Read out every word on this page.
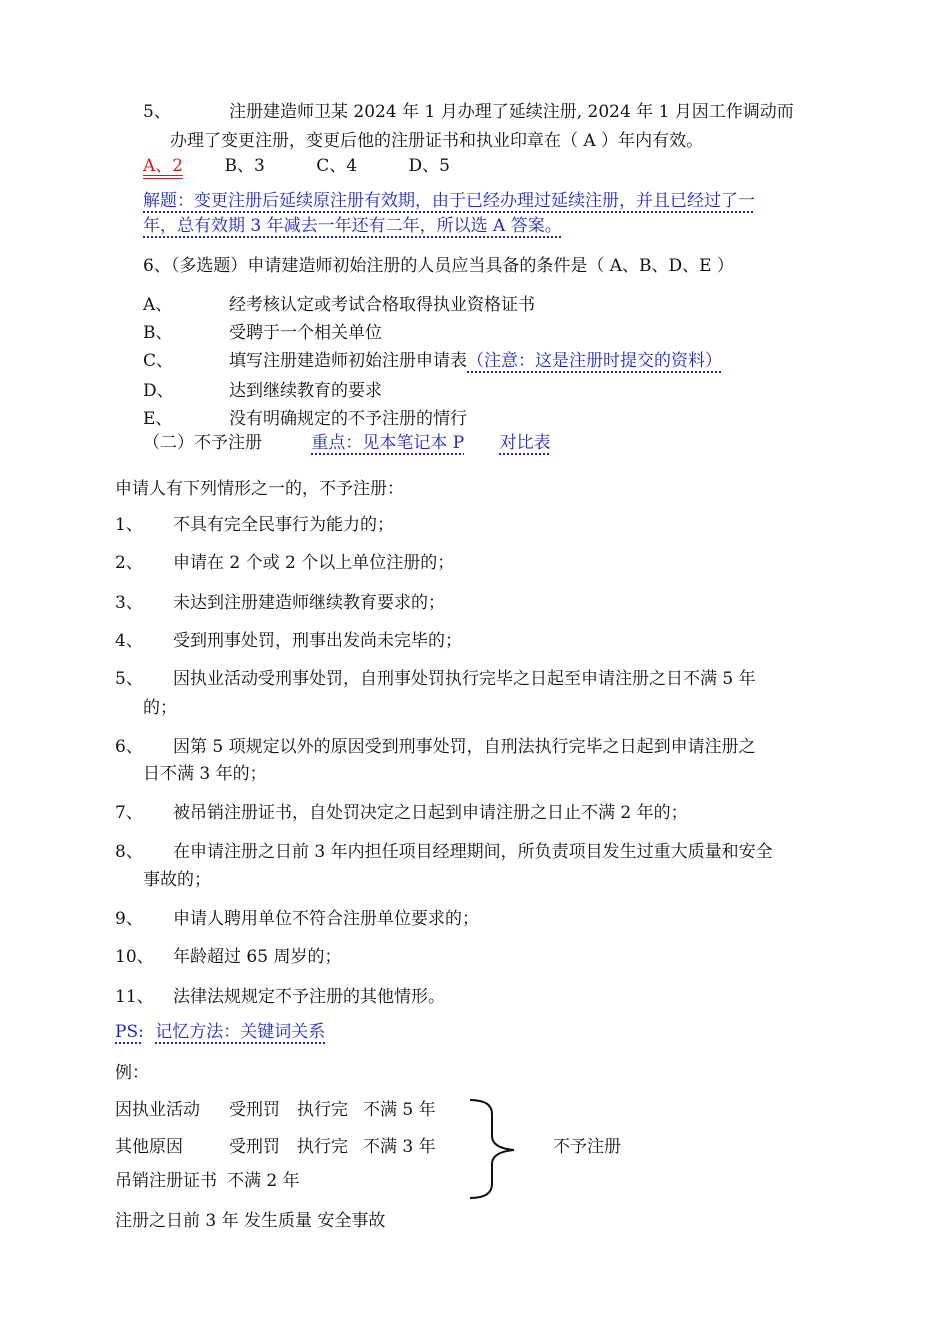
5、	注册建造师卫某 2024 年 1 月办理了延续注册, 2024 年 1 月因工作调动而
办理了变更注册，变更后他的注册证书和执业印章在（ A ）年内有效。
A、2 B、3	C、4	D、5
解题：变更注册后延续原注册有效期，由于已经办理过延续注册，并且已经过了一
年，总有效期 3 年减去一年还有二年，所以选 A 答案。
6、（多选题）申请建造师初始注册的人员应当具备的条件是（ A、B、D、E ）
A、	经考核认定或考试合格取得执业资格证书
B、	受聘于一个相关单位
C、	填写注册建造师初始注册申请表（注意：这是注册时提交的资料）
D、	达到继续教育的要求
E、	没有明确规定的不予注册的情行
（二）不予注册	重点：见本笔记本 P 对比表
申请人有下列情形之一的，不予注册：
1、 不具有完全民事行为能力的；
2、 申请在 2 个或 2 个以上单位注册的；
3、 未达到注册建造师继续教育要求的；
4、 受到刑事处罚，刑事出发尚未完毕的；
5、 因执业活动受刑事处罚，自刑事处罚执行完毕之日起至申请注册之日不满 5 年
的；
6、 因第 5 项规定以外的原因受到刑事处罚，自刑法执行完毕之日起到申请注册之
日不满 3 年的；
7、 被吊销注册证书，自处罚决定之日起到申请注册之日止不满 2 年的；
8、 在申请注册之日前 3 年内担任项目经理期间，所负责项目发生过重大质量和安全
事故的；
9、 申请人聘用单位不符合注册单位要求的；
10、 年龄超过 65 周岁的；
11、 法律法规规定不予注册的其他情形。
PS: 记忆方法：关键词关系
例：
因执业活动 受刑罚 执行完 不满 5 年
其他原因	受刑罚 执行完 不满 3 年
吊销注册证书 不满 2 年
不予注册
注册之日前 3 年 发生质量 安全事故
